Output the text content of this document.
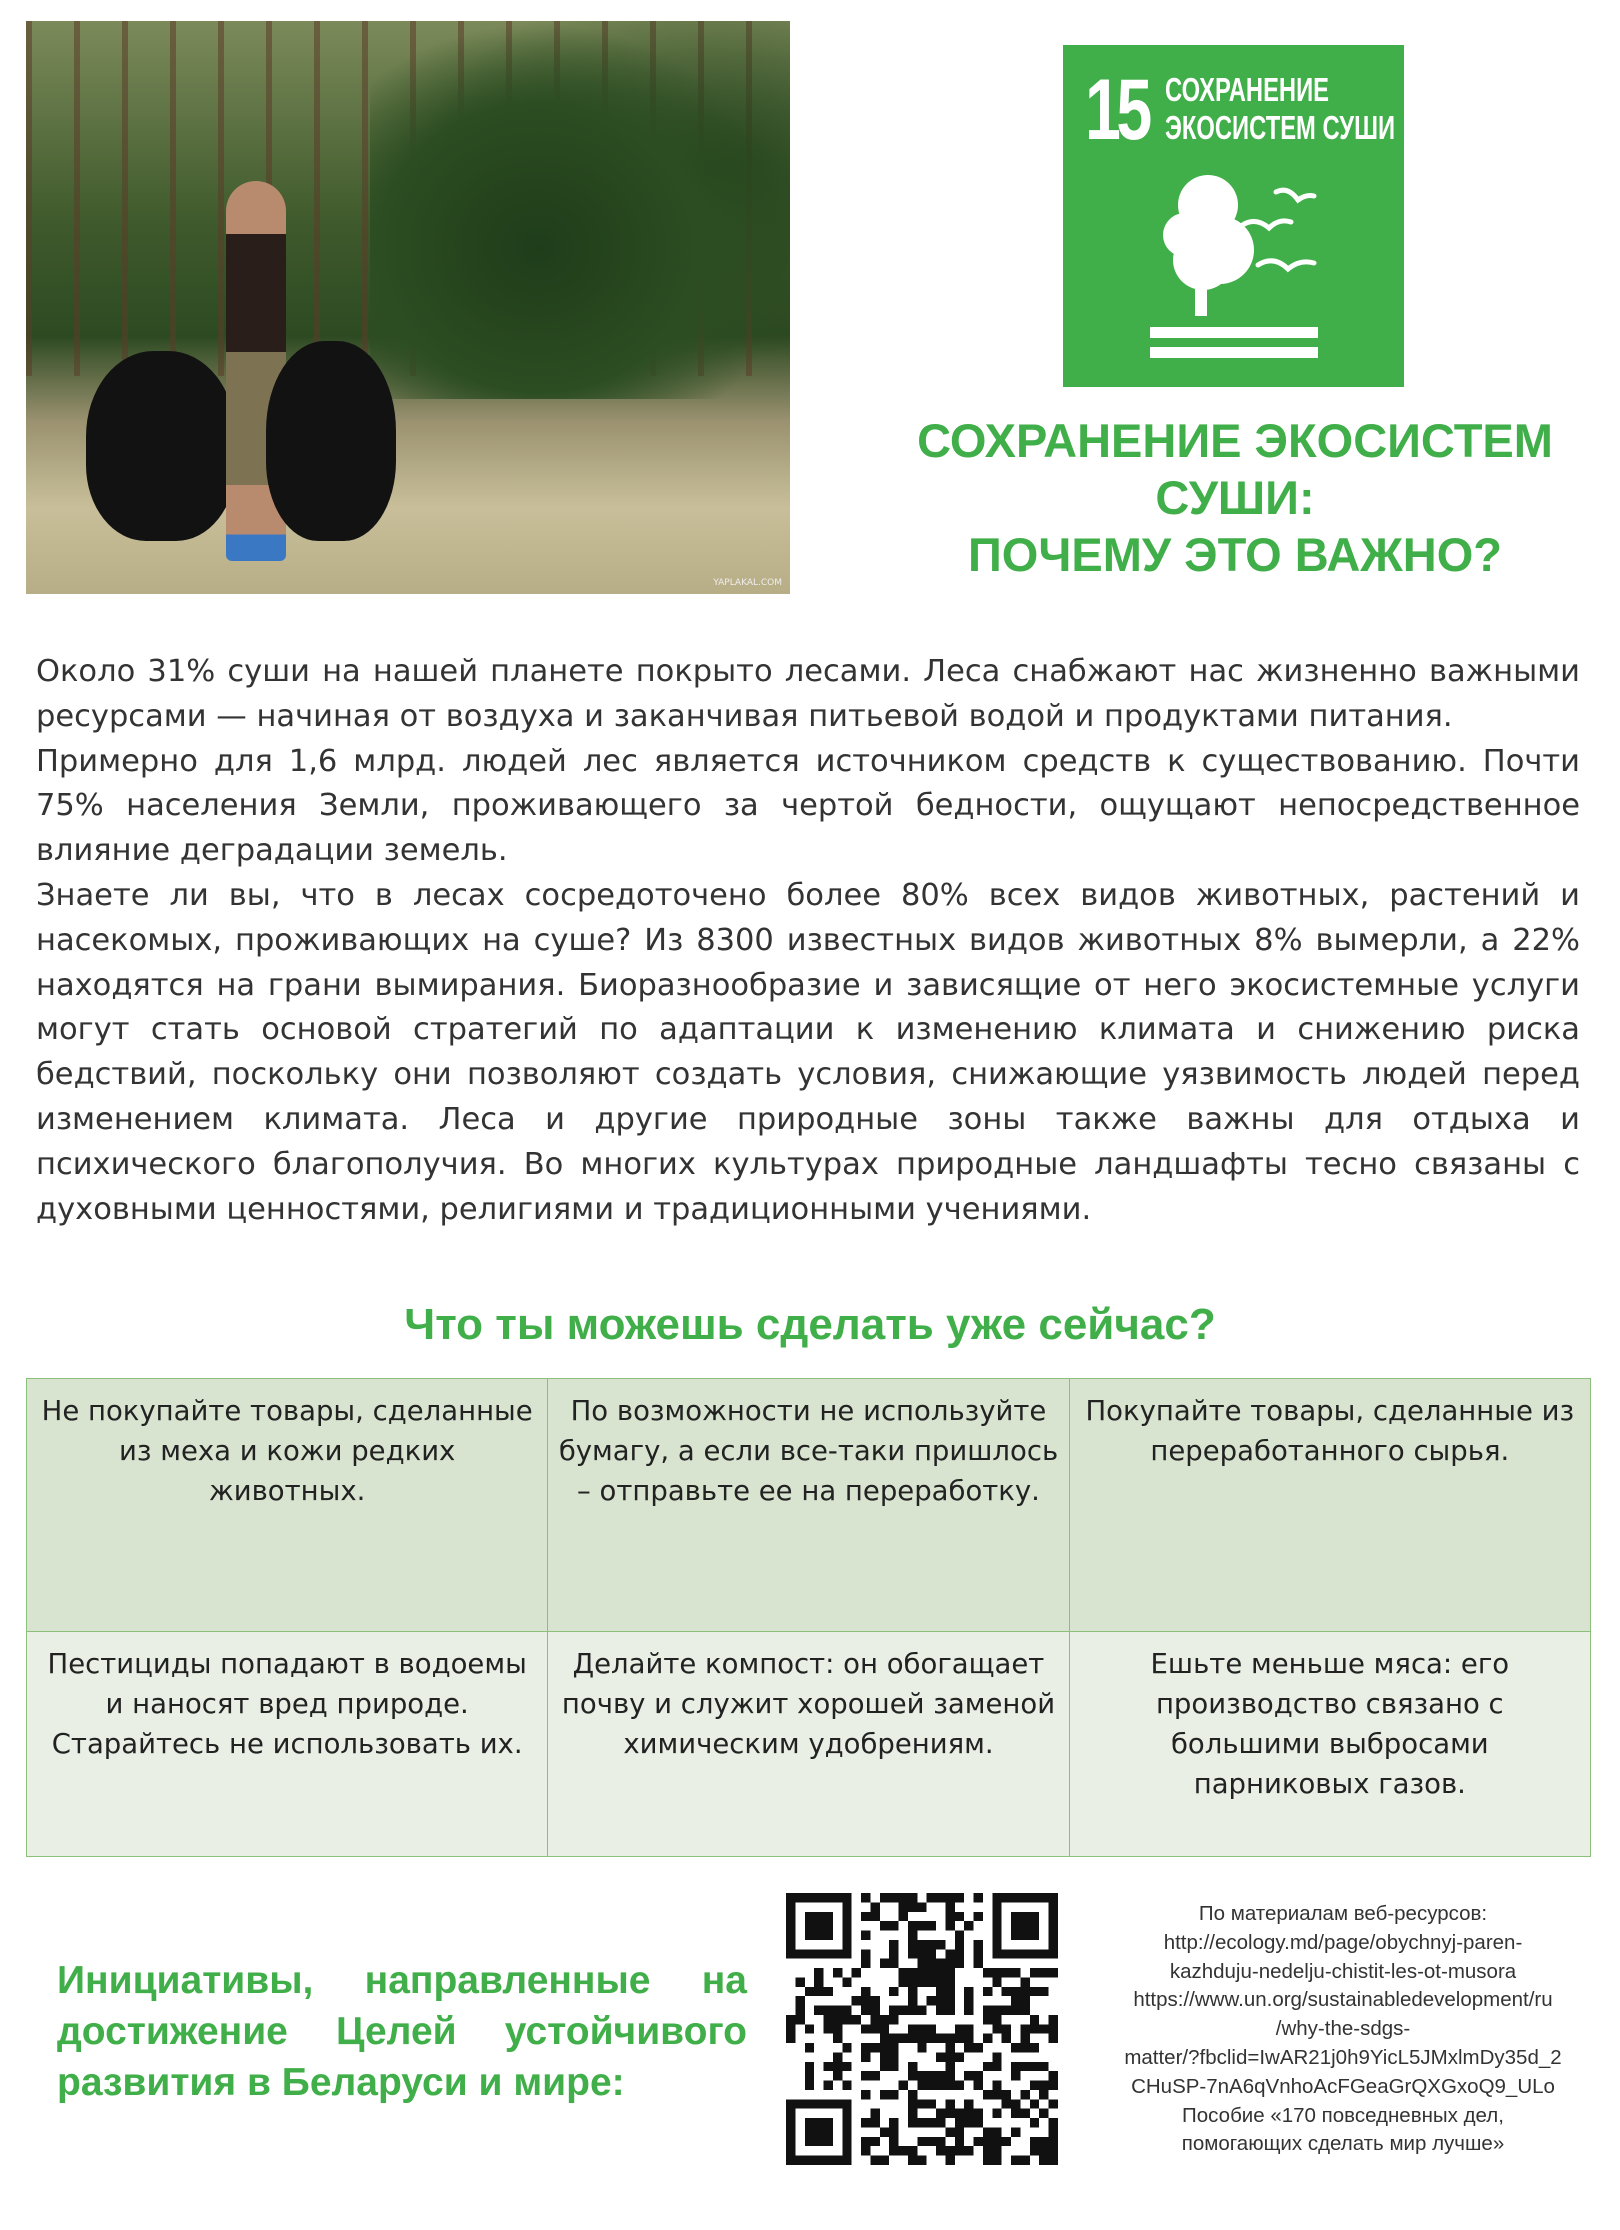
YAPLAKAL.COM
15 СОХРАНЕНИЕ
ЭКОСИСТЕМ СУШИ
СОХРАНЕНИЕ ЭКОСИСТЕМ
СУШИ:
ПОЧЕМУ ЭТО ВАЖНО?

Около 31% суши на нашей планете покрыто лесами. Леса снабжают нас жизненно важными ресурсами — начиная от воздуха и заканчивая питьевой водой и продуктами питания.

Примерно для 1,6 млрд. людей лес является источником средств к существованию. Почти 75% населения Земли, проживающего за чертой бедности, ощущают непосредственное влияние деградации земель.

Знаете ли вы, что в лесах сосредоточено более 80% всех видов животных, растений и насекомых, проживающих на суше? Из 8300 известных видов животных 8% вымерли, а 22% находятся на грани вымирания. Биоразнообразие и зависящие от него экосистемные услуги могут стать основой стратегий по адаптации к изменению климата и снижению риска бедствий, поскольку они позволяют создать условия, снижающие уязвимость людей перед изменением климата. Леса и другие природные зоны также важны для отдыха и психического благополучия. Во многих культурах природные ландшафты тесно связаны с духовными ценностями, религиями и традиционными учениями.

Что ты можешь сделать уже сейчас?
Не покупайте товары, сделанные из меха и кожи редких животных.	По возможности не используйте бумагу, а если все-таки пришлось – отправьте ее на переработку.	Покупайте товары, сделанные из переработанного сырья.
Пестициды попадают в водоемы и наносят вред природе. Старайтесь не использовать их.	Делайте компост: он обогащает почву и служит хорошей заменой химическим удобрениям.	Ешьте меньше мяса: его производство связано с большими выбросами парниковых газов.
Инициативы, направленные на достижение Целей устойчивого развития в Беларуси и мире:
По материалам веб-ресурсов:
http://ecology.md/page/obychnyj-paren-
kazhduju-nedelju-chistit-les-ot-musora
https://www.un.org/sustainabledevelopment/ru
/why-the-sdgs-
matter/?fbclid=IwAR21j0h9YicL5JMxlmDy35d_2
CHuSP-7nA6qVnhoAcFGeaGrQXGxoQ9_ULo
Пособие «170 повседневных дел,
помогающих сделать мир лучше»
